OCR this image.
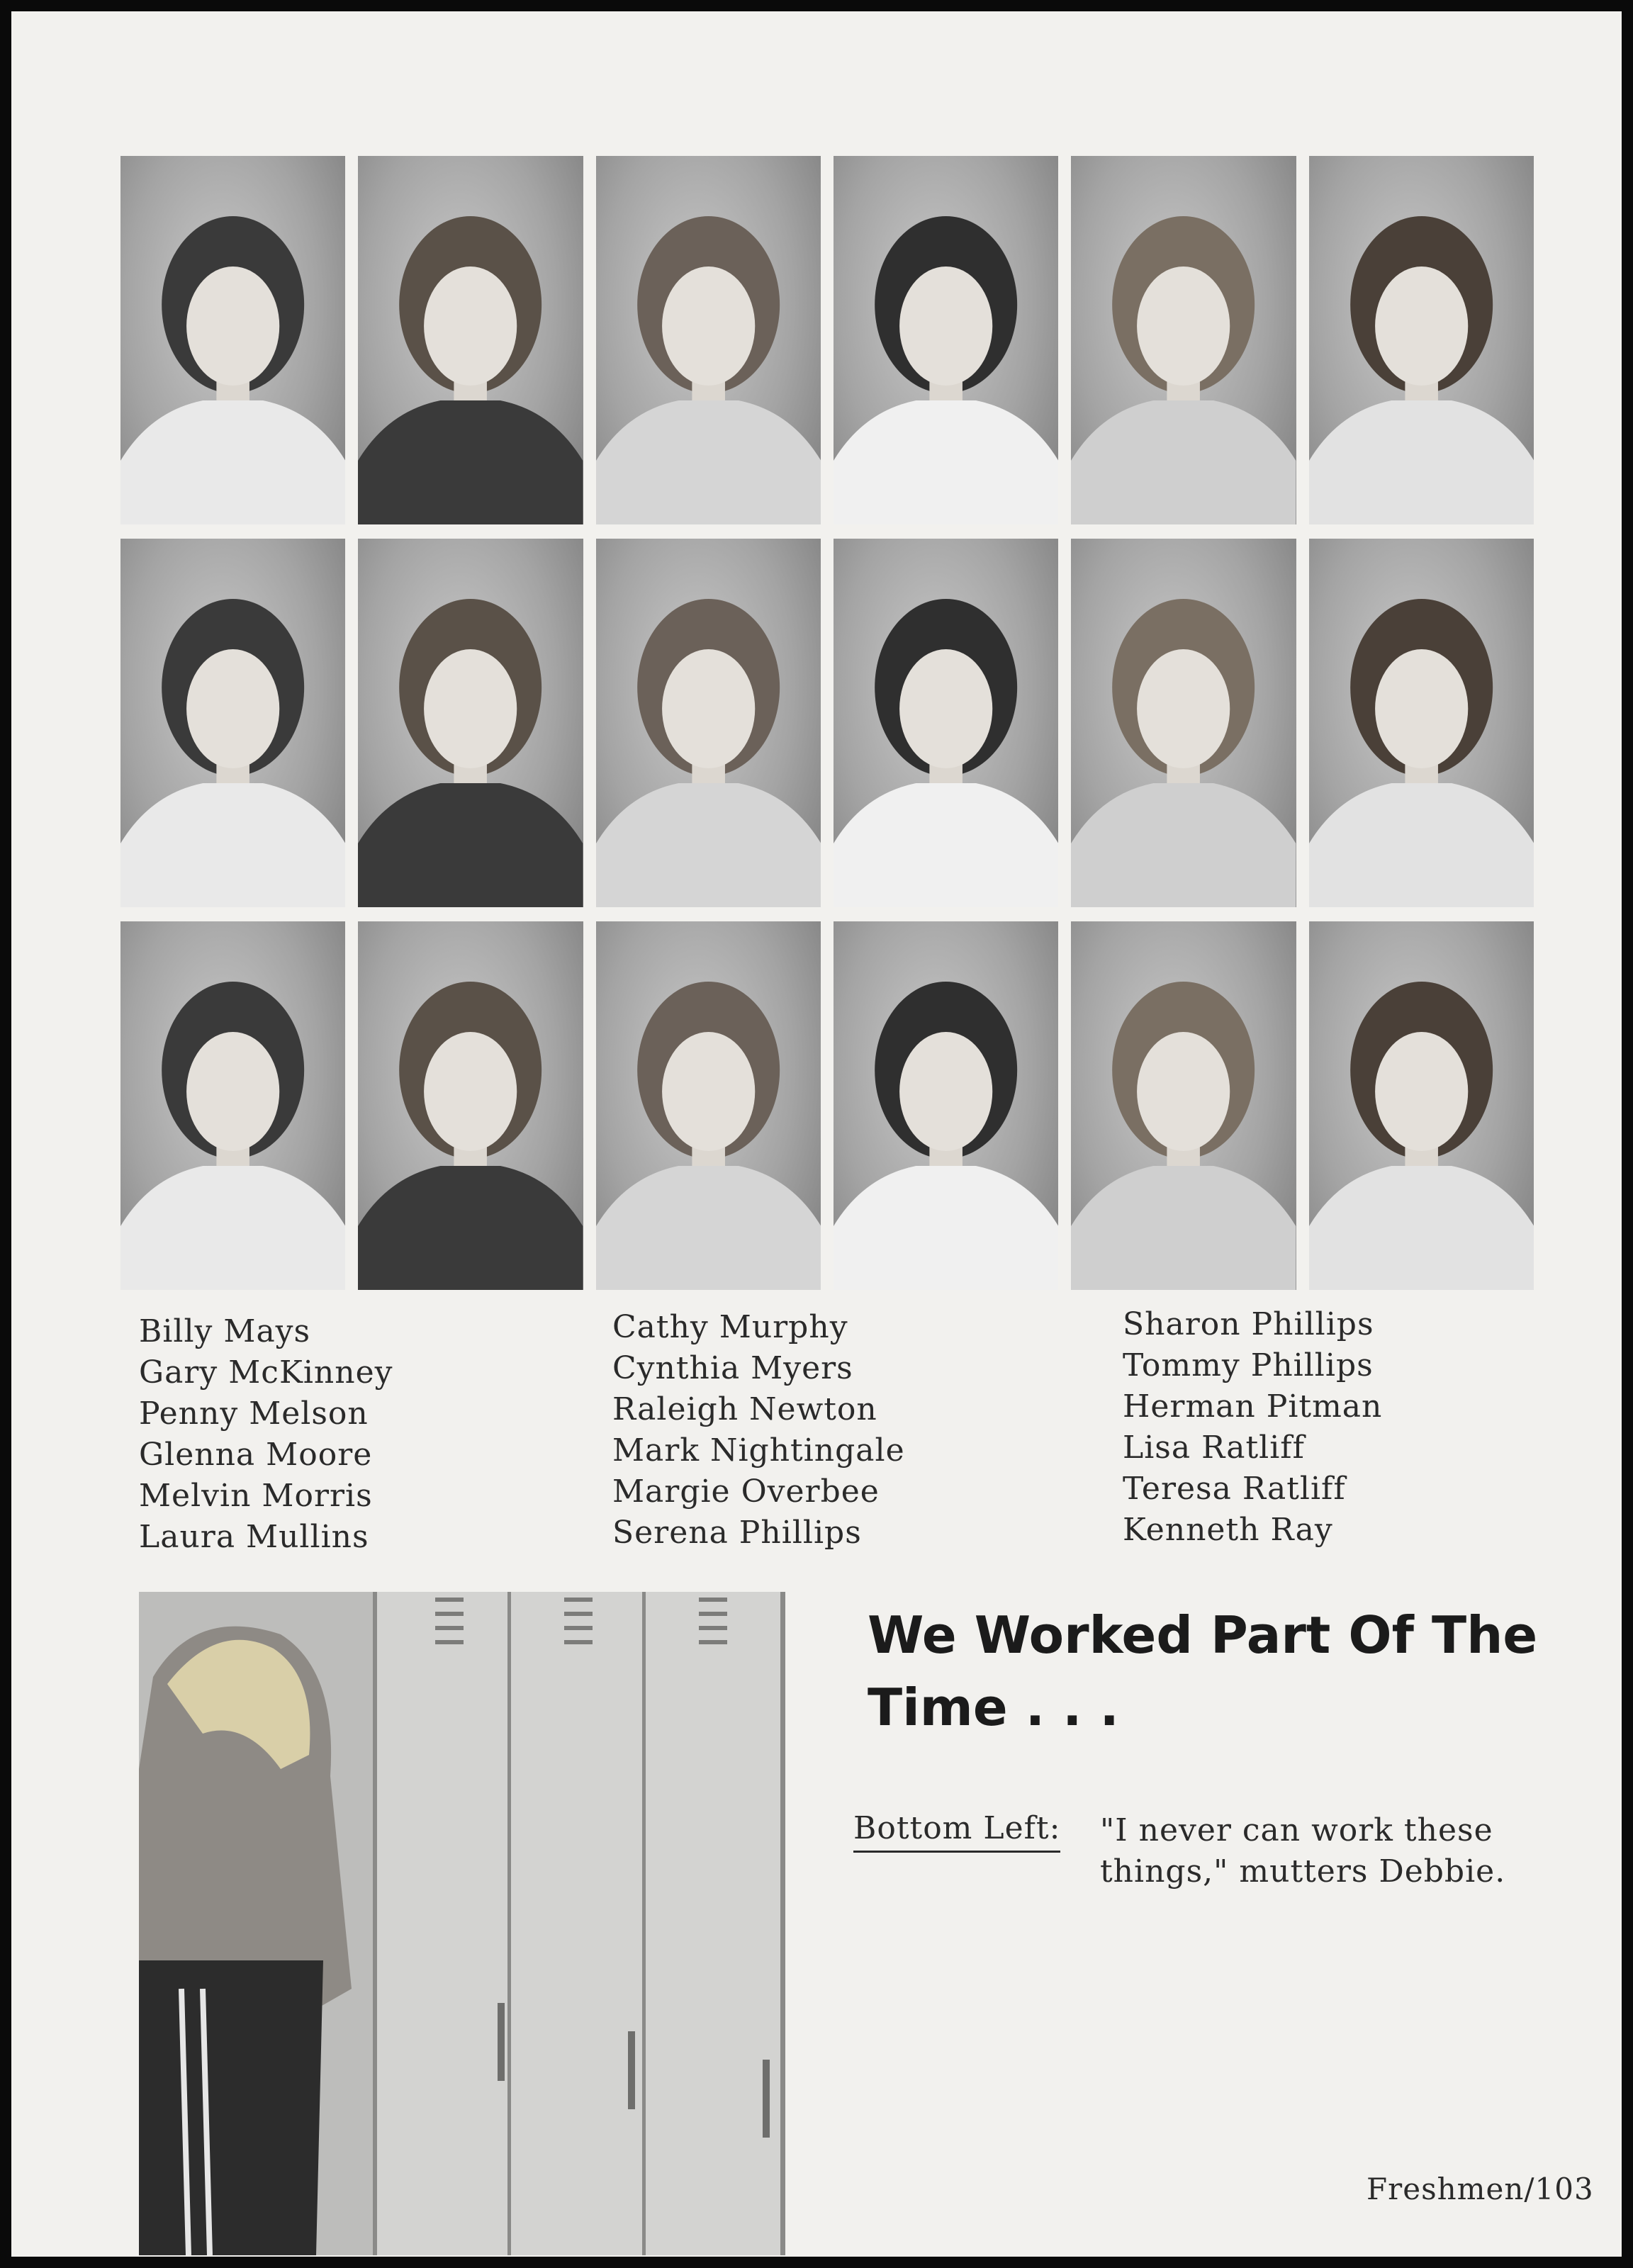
Billy Mays
Gary McKinney
Penny Melson
Glenna Moore
Melvin Morris
Laura Mullins
Cathy Murphy
Cynthia Myers
Raleigh Newton
Mark Nightingale
Margie Overbee
Serena Phillips
Sharon Phillips
Tommy Phillips
Herman Pitman
Lisa Ratliff
Teresa Ratliff
Kenneth Ray
We Worked Part Of The Time . . .
Bottom Left: "I never can work these things," mutters Debbie.
Freshmen/103
